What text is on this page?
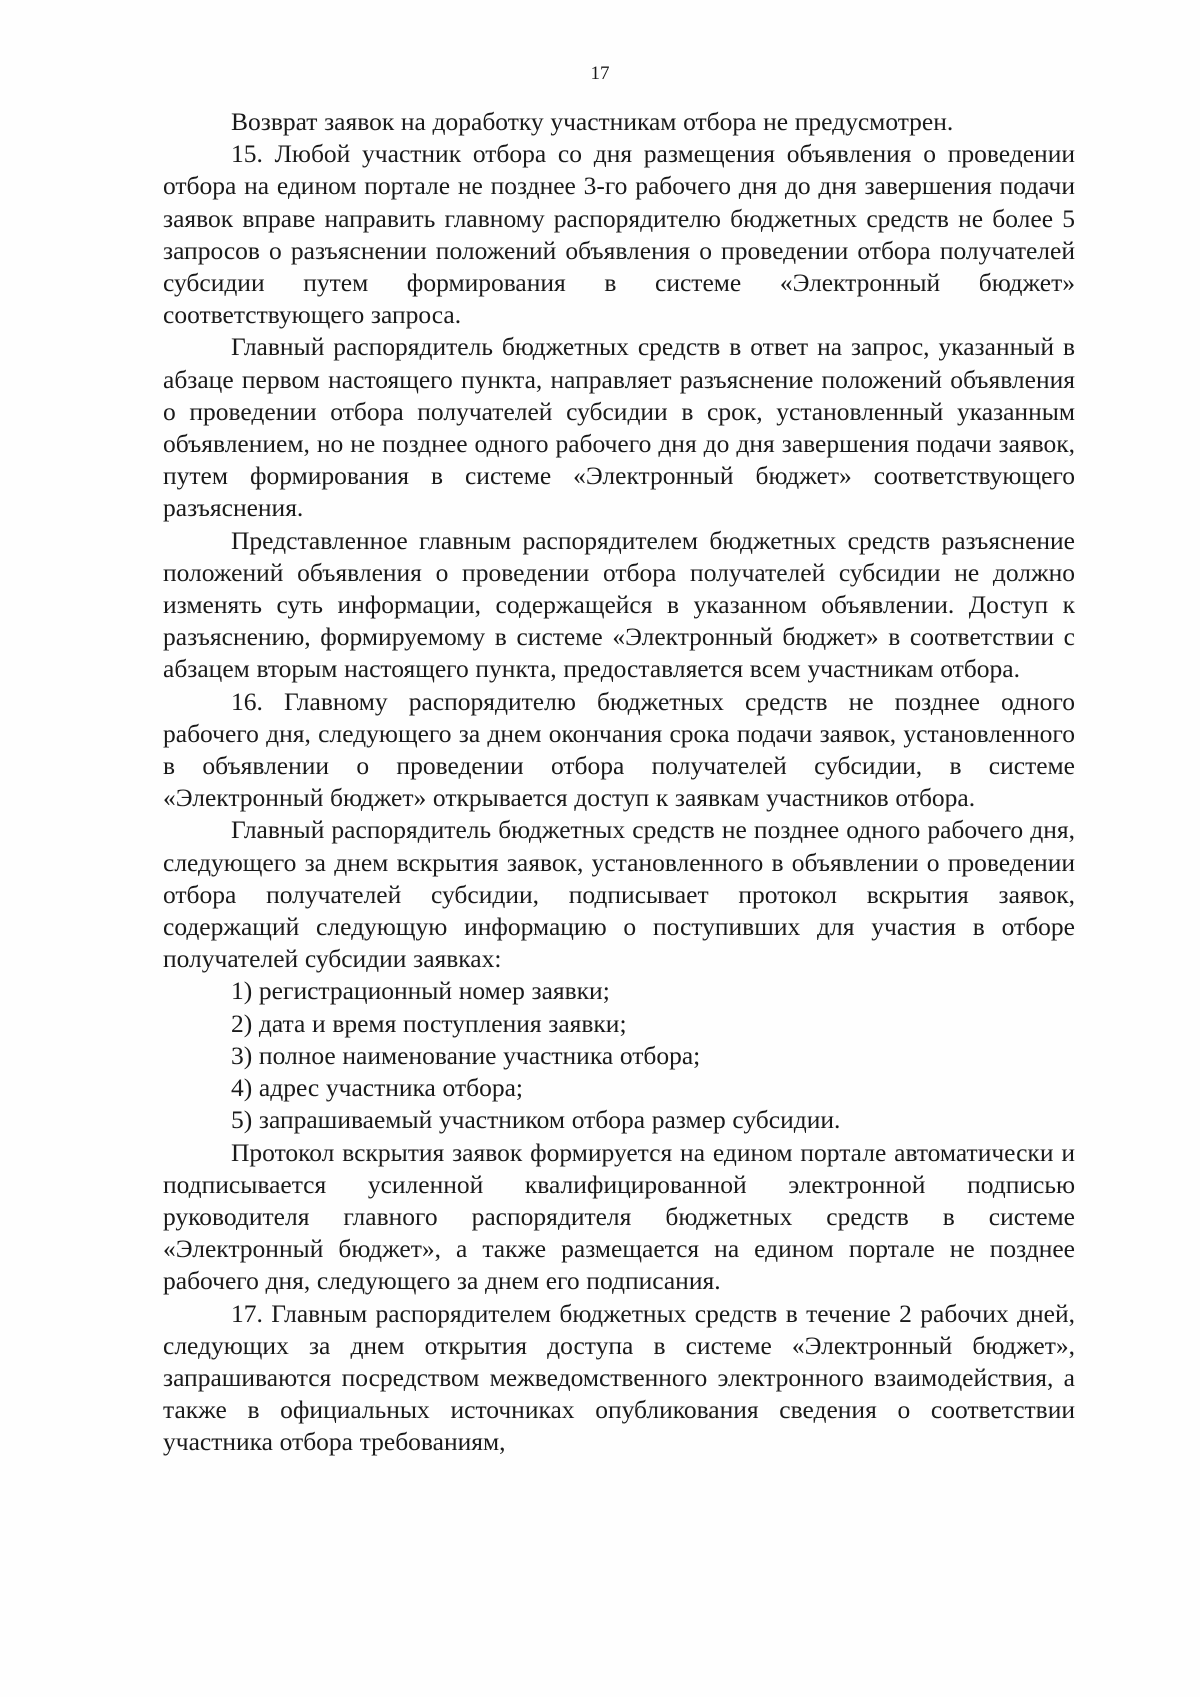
17

Возврат заявок на доработку участникам отбора не предусмотрен.

15. Любой участник отбора со дня размещения объявления о проведении отбора на едином портале не позднее 3-го рабочего дня до дня завершения подачи заявок вправе направить главному распорядителю бюджетных средств не более 5 запросов о разъяснении положений объявления о проведении отбора получателей субсидии путем формирования в системе «Электронный бюджет» соответствующего запроса.

Главный распорядитель бюджетных средств в ответ на запрос, указанный в абзаце первом настоящего пункта, направляет разъяснение положений объявления о проведении отбора получателей субсидии в срок, установленный указанным объявлением, но не позднее одного рабочего дня до дня завершения подачи заявок, путем формирования в системе «Электронный бюджет» соответствующего разъяснения.

Представленное главным распорядителем бюджетных средств разъяснение положений объявления о проведении отбора получателей субсидии не должно изменять суть информации, содержащейся в указанном объявлении. Доступ к разъяснению, формируемому в системе «Электронный бюджет» в соответствии с абзацем вторым настоящего пункта, предоставляется всем участникам отбора.

16. Главному распорядителю бюджетных средств не позднее одного рабочего дня, следующего за днем окончания срока подачи заявок, установленного в объявлении о проведении отбора получателей субсидии, в системе «Электронный бюджет» открывается доступ к заявкам участников отбора.

Главный распорядитель бюджетных средств не позднее одного рабочего дня, следующего за днем вскрытия заявок, установленного в объявлении о проведении отбора получателей субсидии, подписывает протокол вскрытия заявок, содержащий следующую информацию о поступивших для участия в отборе получателей субсидии заявках:

1) регистрационный номер заявки;

2) дата и время поступления заявки;

3) полное наименование участника отбора;

4) адрес участника отбора;

5) запрашиваемый участником отбора размер субсидии.

Протокол вскрытия заявок формируется на едином портале автоматически и подписывается усиленной квалифицированной электронной подписью руководителя главного распорядителя бюджетных средств в системе «Электронный бюджет», а также размещается на едином портале не позднее рабочего дня, следующего за днем его подписания.

17. Главным распорядителем бюджетных средств в течение 2 рабочих дней, следующих за днем открытия доступа в системе «Электронный бюджет», запрашиваются посредством межведомственного электронного взаимодействия, а также в официальных источниках опубликования сведения о соответствии участника отбора требованиям,
